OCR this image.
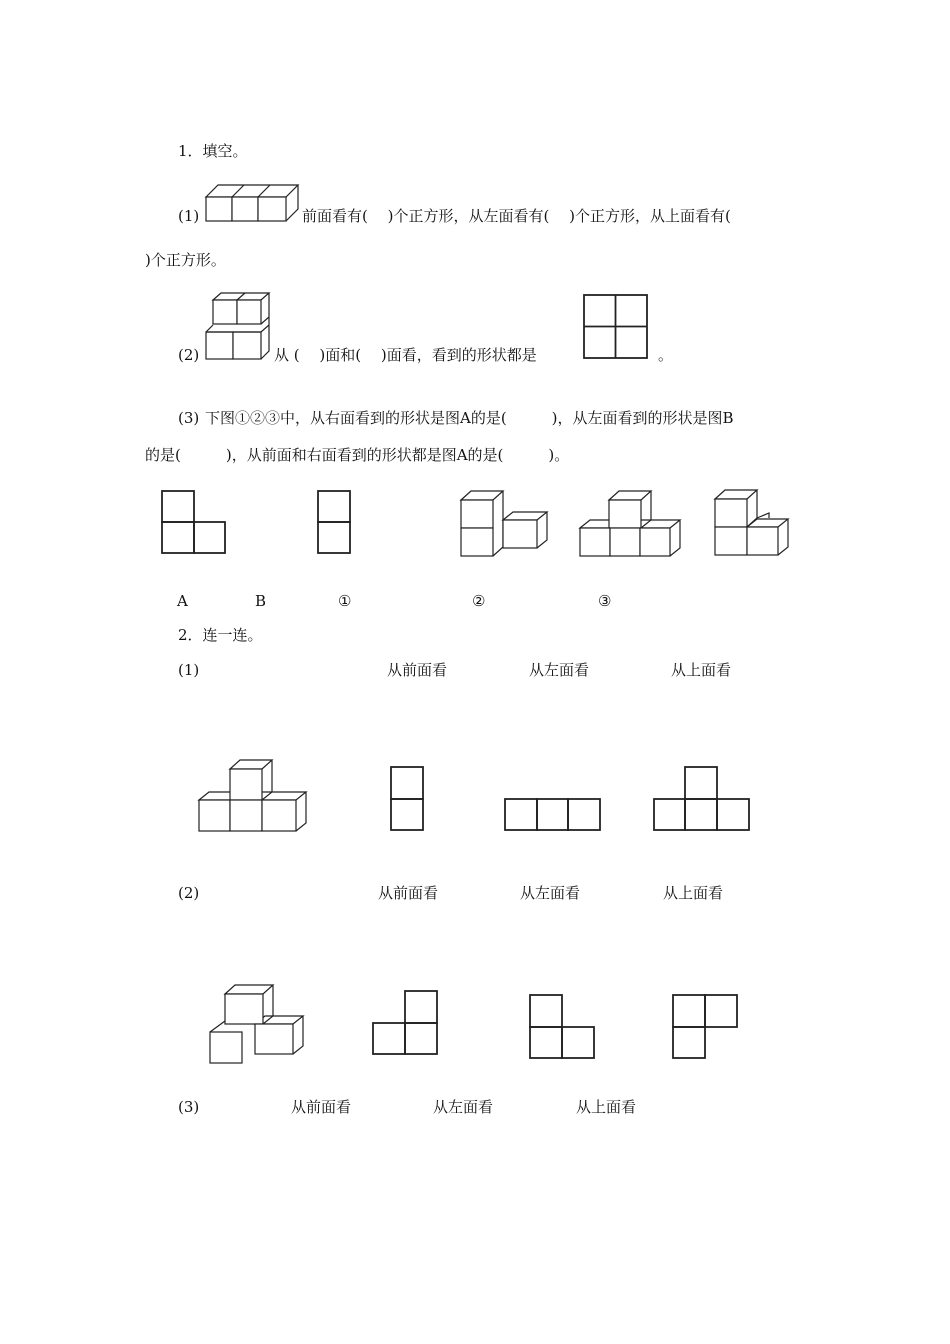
1．填空。
(1)	前面看有(　 )个正方形，从左面看有(　 )个正方形，从上面看有(
)个正方形。
(2)	从 (　 )面和(　 )面看，看到的形状都是	。
(3) 下图①②③中，从右面看到的形状是图A的是(　　　)，从左面看到的形状是图B
的是(　　　)，从前面和右面看到的形状都是图A的是(　　　)。
A	B	①	②	③
2．连一连。
(1)	从前面看	从左面看	从上面看
(2)	从前面看	从左面看	从上面看
(3)	从前面看	从左面看	从上面看
